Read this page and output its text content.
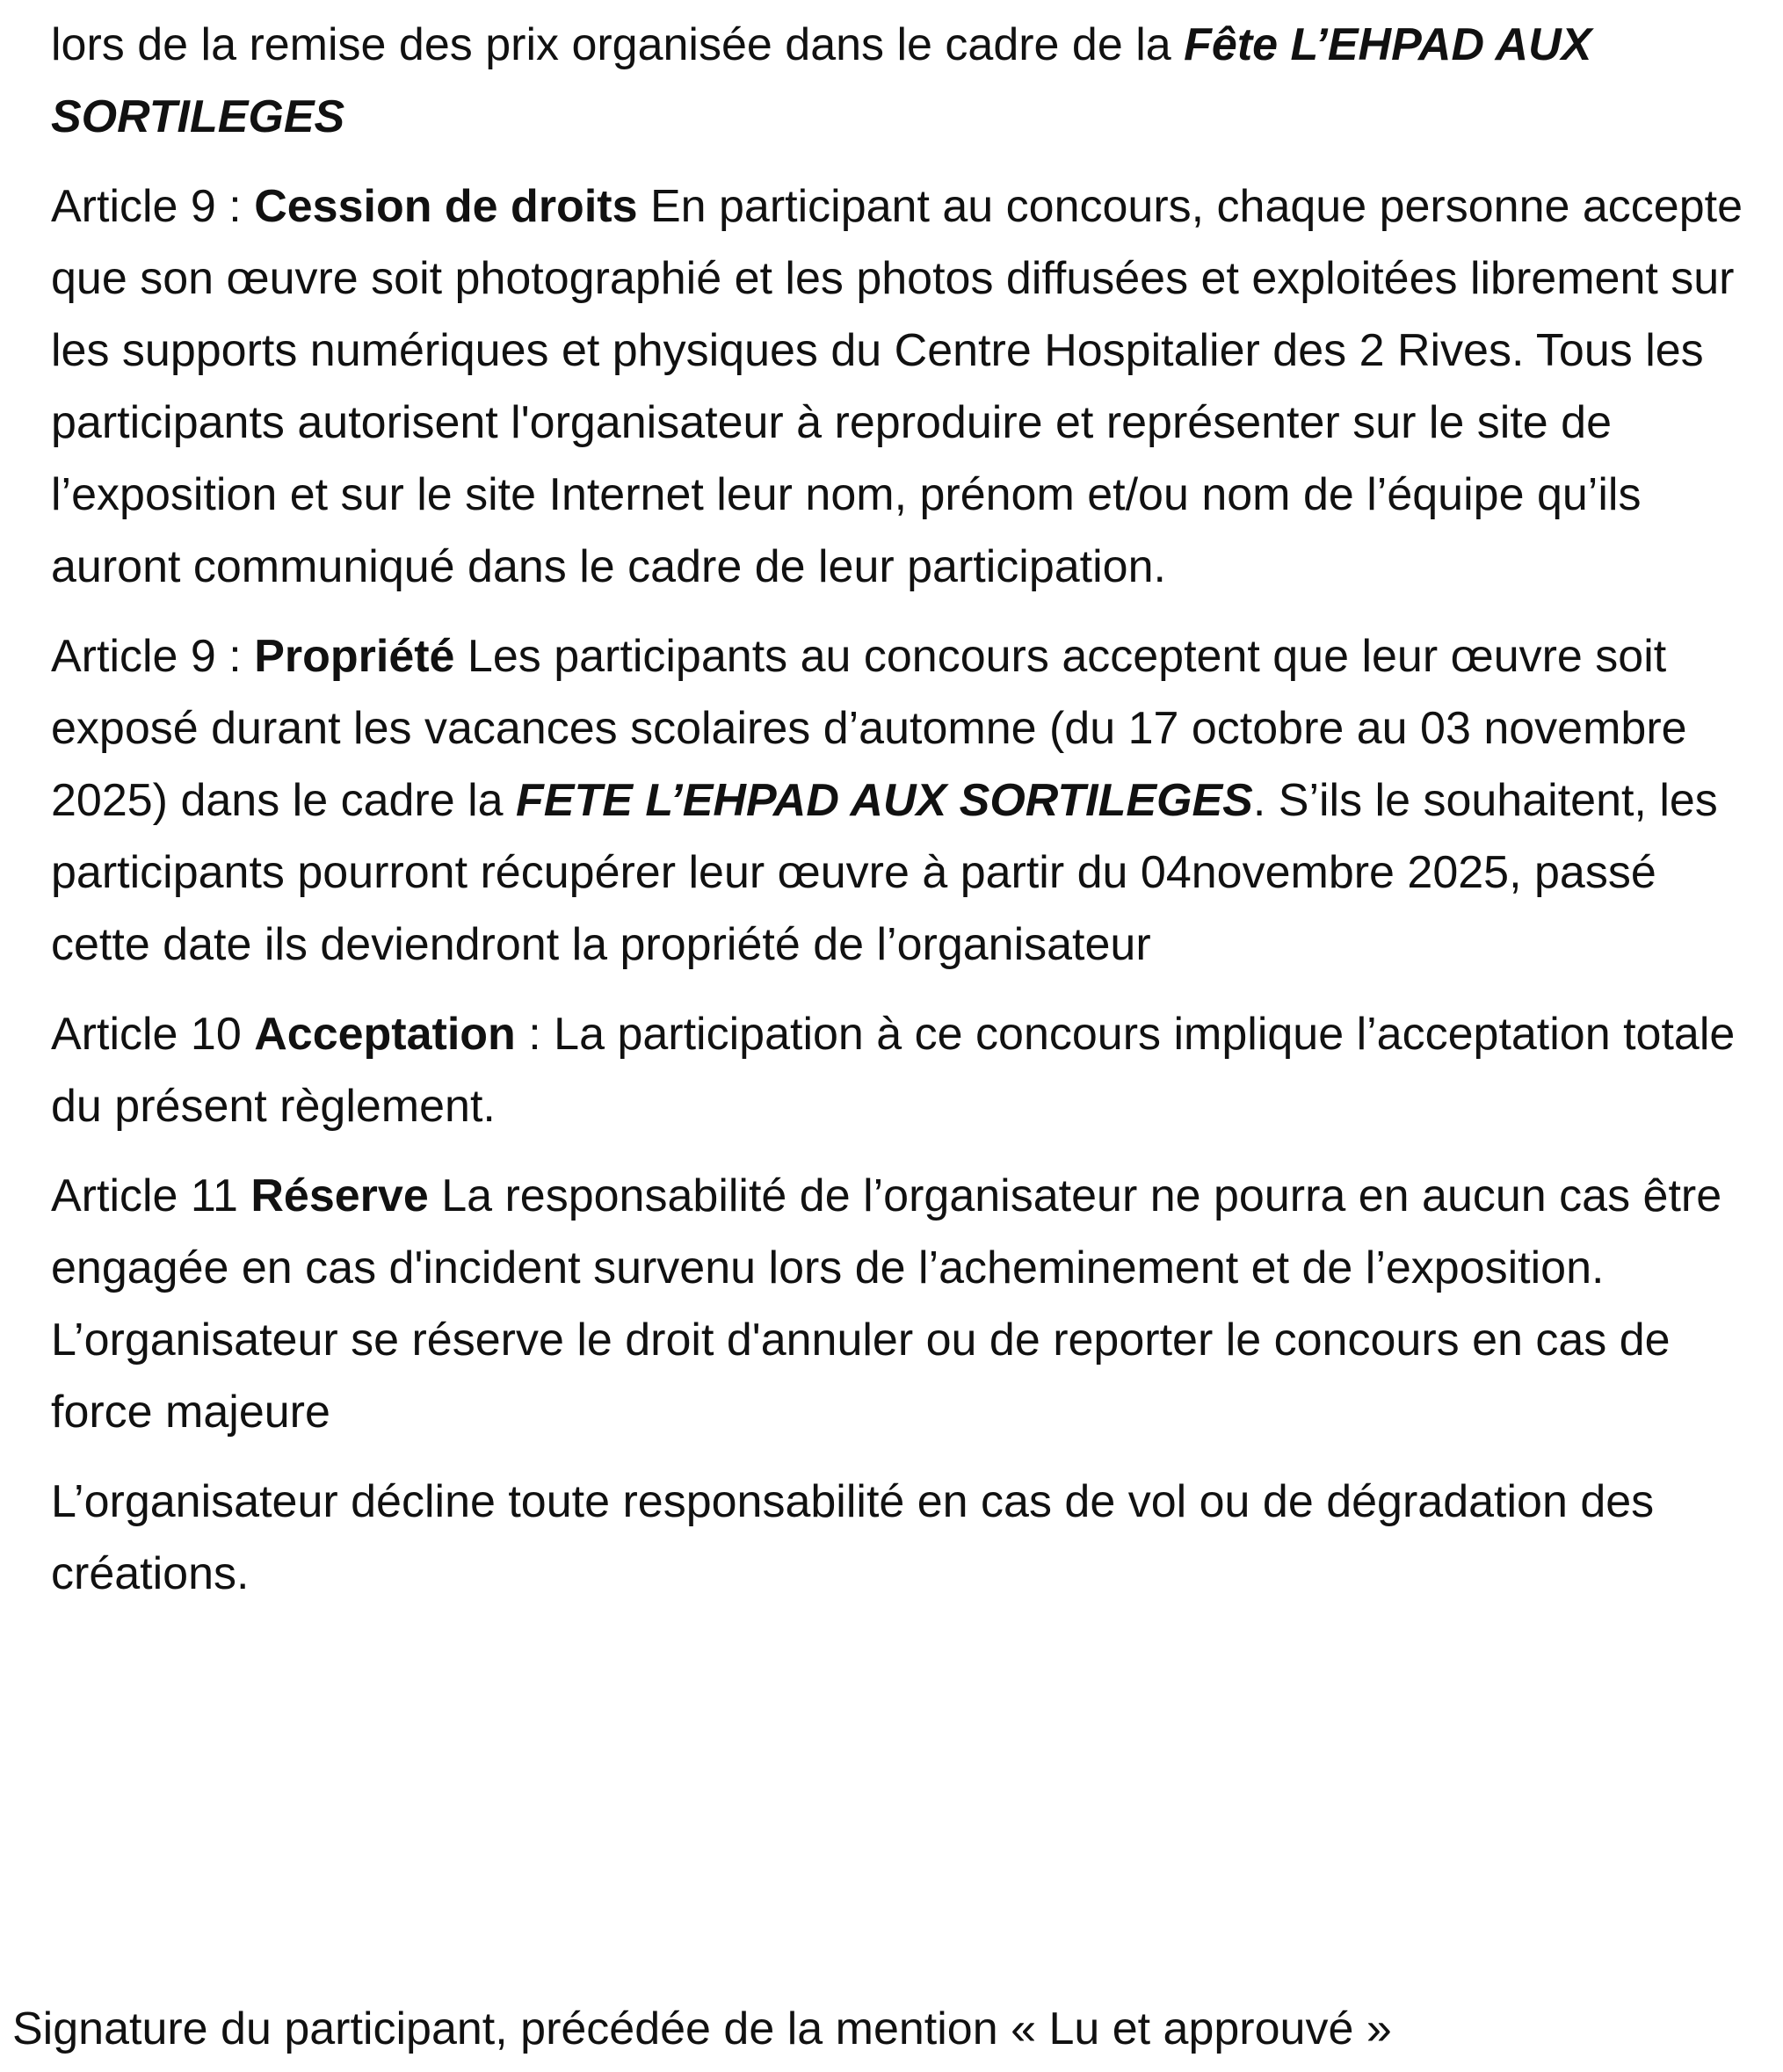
lors de la remise des prix organisée dans le cadre de la Fête L’EHPAD AUX SORTILEGES

Article 9 : Cession de droits En participant au concours, chaque personne accepte que son œuvre soit photographié et les photos diffusées et exploitées librement sur les supports numériques et physiques du Centre Hospitalier des 2 Rives. Tous les participants autorisent l'organisateur à reproduire et représenter sur le site de l’exposition et sur le site Internet leur nom, prénom et/ou nom de l’équipe qu’ils auront communiqué dans le cadre de leur participation.

Article 9 : Propriété Les participants au concours acceptent que leur œuvre soit exposé durant les vacances scolaires d’automne (du 17 octobre au 03 novembre 2025) dans le cadre la FETE L’EHPAD AUX SORTILEGES. S’ils le souhaitent, les participants pourront récupérer leur œuvre à partir du 04novembre 2025, passé cette date ils deviendront la propriété de l’organisateur

Article 10 Acceptation : La participation à ce concours implique l’acceptation totale du présent règlement.

Article 11 Réserve La responsabilité de l’organisateur ne pourra en aucun cas être engagée en cas d'incident survenu lors de l’acheminement et de l’exposition. L’organisateur se réserve le droit d'annuler ou de reporter le concours en cas de force majeure

L’organisateur décline toute responsabilité en cas de vol ou de dégradation des créations.

Signature du participant, précédée de la mention « Lu et approuvé »
